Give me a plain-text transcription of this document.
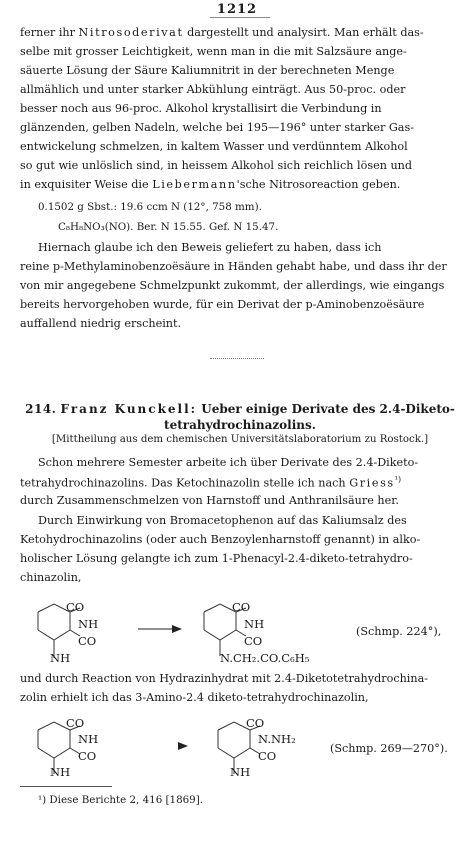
1212
ferner ihr Nitrosoderivat dargestellt und analysirt. Man erhält das-
selbe mit grosser Leichtigkeit, wenn man in die mit Salzsäure ange-
säuerte Lösung der Säure Kaliumnitrit in der berechneten Menge
allmählich und unter starker Abkühlung einträgt. Aus 50-proc. oder
besser noch aus 96-proc. Alkohol krystallisirt die Verbindung in
glänzenden, gelben Nadeln, welche bei 195—196° unter starker Gas-
entwickelung schmelzen, in kaltem Wasser und verdünntem Alkohol
so gut wie unlöslich sind, in heissem Alkohol sich reichlich lösen und
in exquisiter Weise die Liebermann'sche Nitrosoreaction geben.
0.1502 g Sbst.: 19.6 ccm N (12°, 758 mm).
C₈H₈NO₃(NO). Ber. N 15.55. Gef. N 15.47.
Hiernach glaube ich den Beweis geliefert zu haben, dass ich
reine p-Methylaminobenzoësäure in Händen gehabt habe, und dass ihr der
von mir angegebene Schmelzpunkt zukommt, der allerdings, wie eingangs
bereits hervorgehoben wurde, für ein Derivat der p-Aminobenzoësäure
auffallend niedrig erscheint.
214. Franz Kunckell: Ueber einige Derivate des 2.4-Diketo-
tetrahydrochinazolins.
[Mittheilung aus dem chemischen Universitätslaboratorium zu Rostock.]
Schon mehrere Semester arbeite ich über Derivate des 2.4-Diketo-
tetrahydrochinazolins. Das Ketochinazolin stelle ich nach Griess$^{^1)}$
durch Zusammenschmelzen von Harnstoff und Anthranilsäure her.
Durch Einwirkung von Bromacetophenon auf das Kaliumsalz des
Ketohydrochinazolins (oder auch Benzoylenharnstoff genannt) in alko-
holischer Lösung gelangte ich zum 1-Phenacyl-2.4-diketo-tetrahydro-
chinazolin,
CO
NH
CO
NH
CO
NH
CO
N.CH₂.CO.C₆H₅
(Schmp. 224°),
und durch Reaction von Hydrazinhydrat mit 2.4-Diketotetrahydrochina-
zolin erhielt ich das 3-Amino-2.4 diketo-tetrahydrochinazolin,
CO
NH
CO
NH
CO
N.NH₂
CO
NH
(Schmp. 269—270°).
¹) Diese Berichte 2, 416 [1869].
